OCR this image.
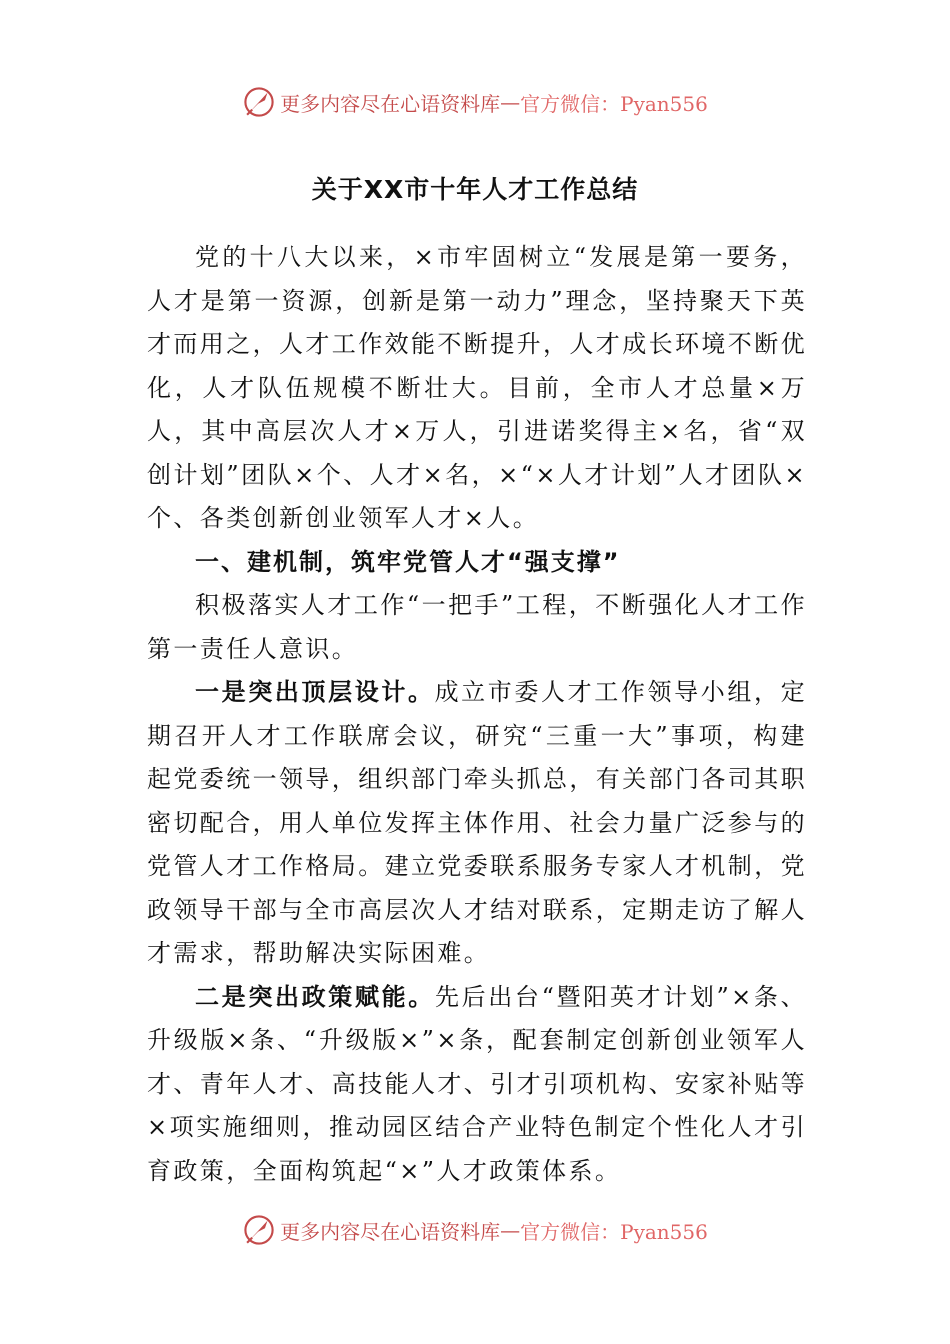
更多内容尽在心语资料库 — 官方微信：Pyan556
关于XX市十年人才工作总结

党的十八大以来，×市牢固树立“发展是第一要务，人才是第一资源，创新是第一动力”理念，坚持聚天下英才而用之，人才工作效能不断提升，人才成长环境不断优化，人才队伍规模不断壮大。目前，全市人才总量×万人，其中高层次人才×万人，引进诺奖得主×名，省“双创计划”团队×个、人才×名，×“×人才计划”人才团队×个、各类创新创业领军人才×人。

一、建机制，筑牢党管人才“强支撑”

积极落实人才工作“一把手”工程，不断强化人才工作第一责任人意识。

一是突出顶层设计。成立市委人才工作领导小组，定期召开人才工作联席会议，研究“三重一大”事项，构建起党委统一领导，组织部门牵头抓总，有关部门各司其职密切配合，用人单位发挥主体作用、社会力量广泛参与的党管人才工作格局。建立党委联系服务专家人才机制，党政领导干部与全市高层次人才结对联系，定期走访了解人才需求，帮助解决实际困难。

二是突出政策赋能。先后出台“暨阳英才计划”×条、升级版×条、“升级版×”×条，配套制定创新创业领军人才、青年人才、高技能人才、引才引项机构、安家补贴等×项实施细则，推动园区结合产业特色制定个性化人才引育政策，全面构筑起“×”人才政策体系。

更多内容尽在心语资料库 — 官方微信：Pyan556
